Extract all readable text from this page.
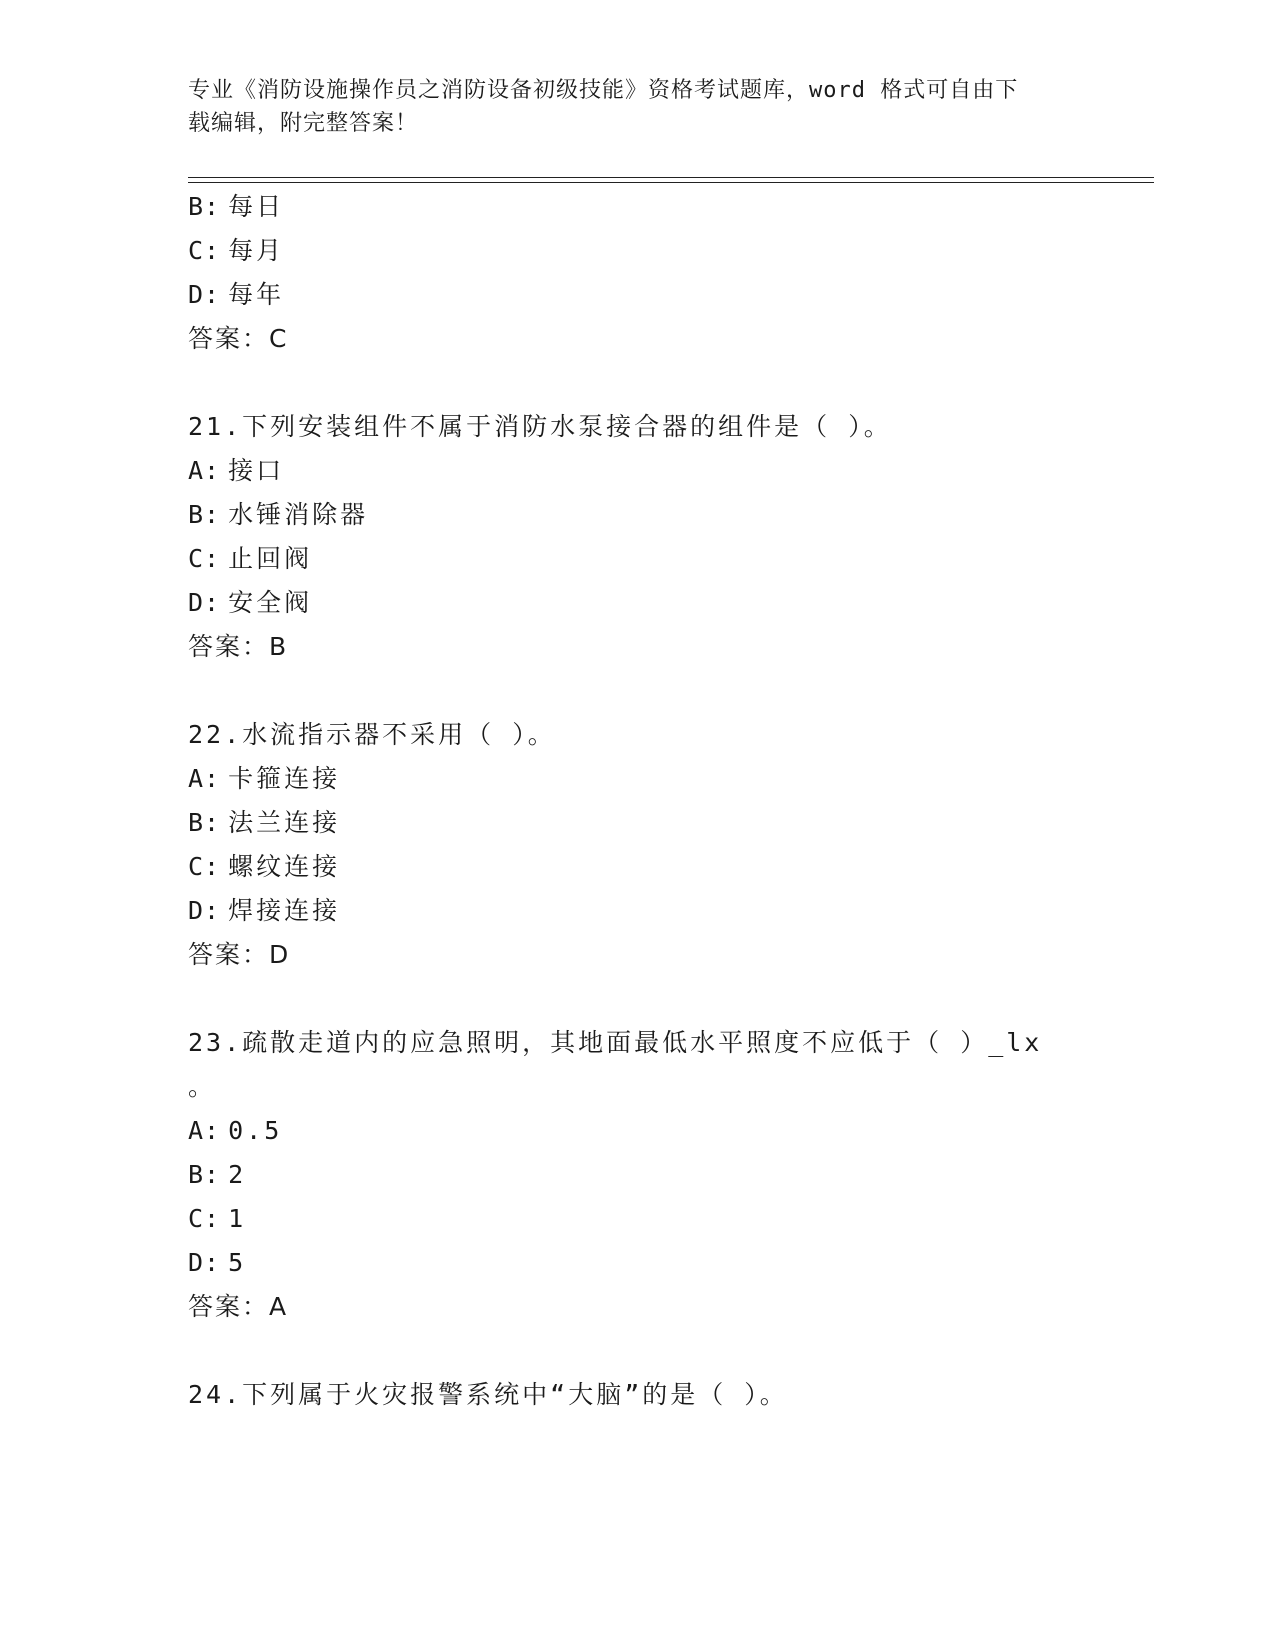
专业《消防设施操作员之消防设备初级技能》资格考试题库，word 格式可自由下
载编辑，附完整答案！
B: 每日
C: 每月
D: 每年
答案：C
21.下列安装组件不属于消防水泵接合器的组件是（ ）。
A: 接口
B: 水锤消除器
C: 止回阀
D: 安全阀
答案：B
22.水流指示器不采用（ ）。
A: 卡箍连接
B: 法兰连接
C: 螺纹连接
D: 焊接连接
答案：D
23.疏散走道内的应急照明，其地面最低水平照度不应低于（ ）_lx
。
A: 0.5
B: 2
C: 1
D: 5
答案：A
24.下列属于火灾报警系统中“大脑”的是（ ）。
